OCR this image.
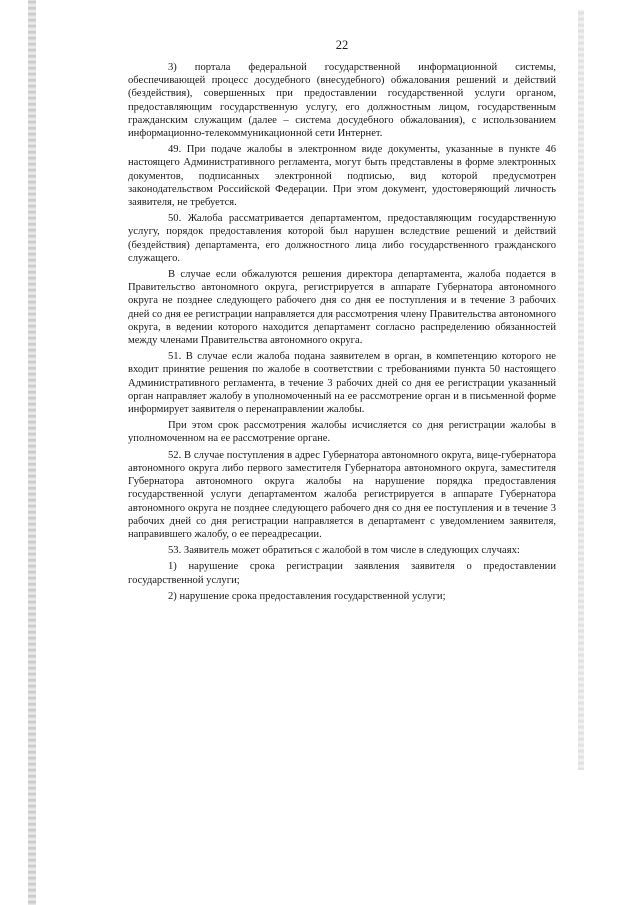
22

3) портала федеральной государственной информационной системы, обеспечивающей процесс досудебного (внесудебного) обжалования решений и действий (бездействия), совершенных при предоставлении государственной услуги органом, предоставляющим государственную услугу, его должностным лицом, государственным гражданским служащим (далее – система досудебного обжалования), с использованием информационно-телекоммуникационной сети Интернет.

49. При подаче жалобы в электронном виде документы, указанные в пункте 46 настоящего Административного регламента, могут быть представлены в форме электронных документов, подписанных электронной подписью, вид которой предусмотрен законодательством Российской Федерации. При этом документ, удостоверяющий личность заявителя, не требуется.

50. Жалоба рассматривается департаментом, предоставляющим государственную услугу, порядок предоставления которой был нарушен вследствие решений и действий (бездействия) департамента, его должностного лица либо государственного гражданского служащего.

В случае если обжалуются решения директора департамента, жалоба подается в Правительство автономного округа, регистрируется в аппарате Губернатора автономного округа не позднее следующего рабочего дня со дня ее поступления и в течение 3 рабочих дней со дня ее регистрации направляется для рассмотрения члену Правительства автономного округа, в ведении которого находится департамент согласно распределению обязанностей между членами Правительства автономного округа.

51. В случае если жалоба подана заявителем в орган, в компетенцию которого не входит принятие решения по жалобе в соответствии с требованиями пункта 50 настоящего Административного регламента, в течение 3 рабочих дней со дня ее регистрации указанный орган направляет жалобу в уполномоченный на ее рассмотрение орган и в письменной форме информирует заявителя о перенаправлении жалобы.

При этом срок рассмотрения жалобы исчисляется со дня регистрации жалобы в уполномоченном на ее рассмотрение органе.

52. В случае поступления в адрес Губернатора автономного округа, вице-губернатора автономного округа либо первого заместителя Губернатора автономного округа, заместителя Губернатора автономного округа жалобы на нарушение порядка предоставления государственной услуги департаментом жалоба регистрируется в аппарате Губернатора автономного округа не позднее следующего рабочего дня со дня ее поступления и в течение 3 рабочих дней со дня регистрации направляется в департамент с уведомлением заявителя, направившего жалобу, о ее переадресации.

53. Заявитель может обратиться с жалобой в том числе в следующих случаях:

1) нарушение срока регистрации заявления заявителя о предоставлении государственной услуги;

2) нарушение срока предоставления государственной услуги;
